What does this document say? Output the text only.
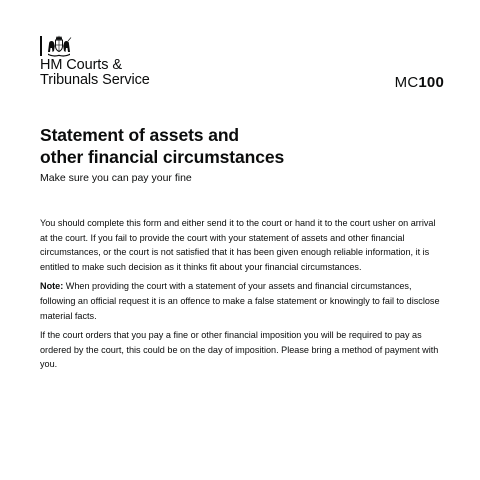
HM Courts &
Tribunals Service	MC100
Statement of assets and
other financial circumstances

Make sure you can pay your fine

You should complete this form and either send it to the court or hand it to the court usher on arrival at the court. If you fail to provide the court with your statement of assets and other financial circumstances, or the court is not satisfied that it has been given enough reliable information, it is entitled to make such decision as it thinks fit about your financial circumstances.

Note: When providing the court with a statement of your assets and financial circumstances, following an official request it is an offence to make a false statement or knowingly to fail to disclose material facts.

If the court orders that you pay a fine or other financial imposition you will be required to pay as ordered by the court, this could be on the day of imposition. Please bring a method of payment with you.
